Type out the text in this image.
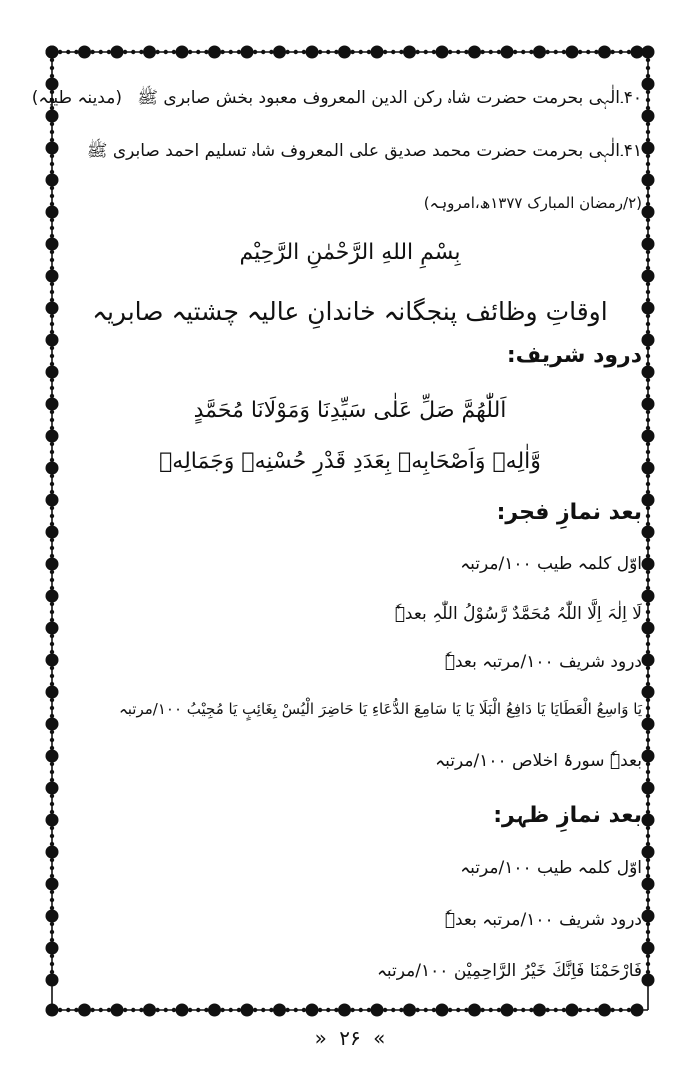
۴۰۔الٰہی بحرمت حضرت شاہ رکن الدین المعروف معبود بخش صابری ﷺ (مدینہ طیبہ)
۴۱۔الٰہی بحرمت حضرت محمد صدیق علی المعروف شاہ تسلیم احمد صابری ﷺ
(۲/رمضان المبارک ۱۳۷۷ھ،امروہہ)
بِسْمِ اللهِ الرَّحْمٰنِ الرَّحِيْم
اوقاتِ وظائف پنجگانہ خاندانِ عالیہ چشتیہ صابریہ
درود شریف:
اَللّٰهُمَّ صَلِّ عَلٰى سَيِّدِنَا وَمَوْلَانَا مُحَمَّدٍ
وَّاٰلِهٖ وَاَصْحَابِهٖ بِعَدَدِ قَدْرِ حُسْنِهٖ وَجَمَالِهٖ
بعد نمازِ فجر:
اوّل کلمہ طیب ۱۰۰/مرتبہ
لَا اِلٰہَ اِلَّا اللّٰہُ مُحَمَّدٌ رَّسُوْلُ اللّٰہِ بعدہٗ
درود شریف ۱۰۰/مرتبہ بعدہٗ
یَا وَاسِعُ الْعَطَایَا یَا دَافِعُ الْبَلَا یَا یَا سَامِعَ الدُّعَاءِ یَا حَاضِرَ الْیُسْ بِغَائِبٍ یَا مُجِیْبُ ۱۰۰/مرتبہ
بعدہٗ سورۂ اخلاص ۱۰۰/مرتبہ
بعد نمازِ ظہر:
اوّل کلمہ طیب ۱۰۰/مرتبہ
درود شریف ۱۰۰/مرتبہ بعدہٗ
فَارْحَمْنَا فَاِنَّكَ خَيْرُ الرَّاحِمِيْن ۱۰۰/مرتبہ
» ۲۶ «
